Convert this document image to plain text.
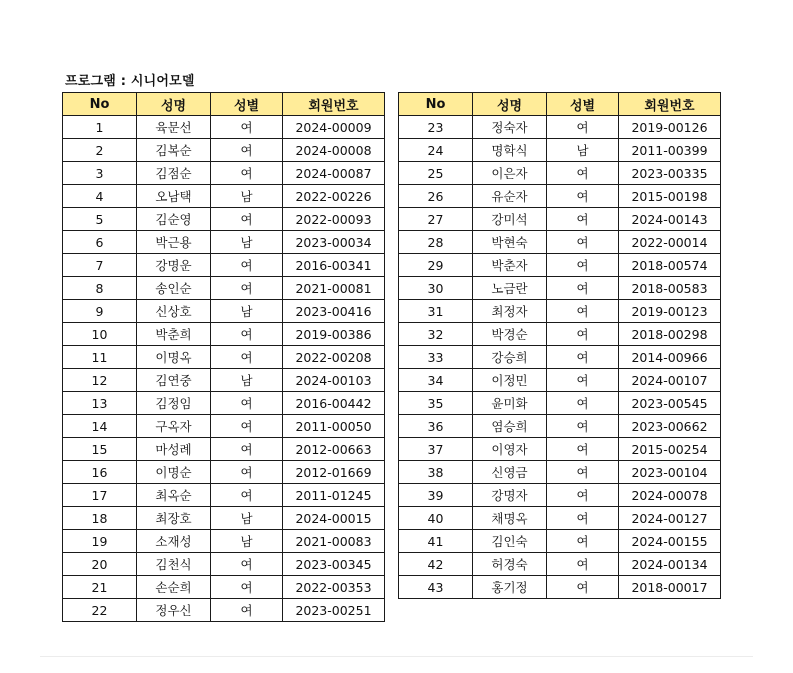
프로그램 : 시니어모델
No	성명	성별	회원번호
1	육문선	여	2024-00009
2	김복순	여	2024-00008
3	김점순	여	2024-00087
4	오남택	남	2022-00226
5	김순영	여	2022-00093
6	박근용	남	2023-00034
7	강명운	여	2016-00341
8	송인순	여	2021-00081
9	신상호	남	2023-00416
10	박춘희	여	2019-00386
11	이명옥	여	2022-00208
12	김연중	남	2024-00103
13	김정임	여	2016-00442
14	구옥자	여	2011-00050
15	마성례	여	2012-00663
16	이명순	여	2012-01669
17	최옥순	여	2011-01245
18	최장호	남	2024-00015
19	소재성	남	2021-00083
20	김천식	여	2023-00345
21	손순희	여	2022-00353
22	정우신	여	2023-00251
No	성명	성별	회원번호
23	정숙자	여	2019-00126
24	명학식	남	2011-00399
25	이은자	여	2023-00335
26	유순자	여	2015-00198
27	강미석	여	2024-00143
28	박현숙	여	2022-00014
29	박춘자	여	2018-00574
30	노금란	여	2018-00583
31	최정자	여	2019-00123
32	박경순	여	2018-00298
33	강승희	여	2014-00966
34	이정민	여	2024-00107
35	윤미화	여	2023-00545
36	염승희	여	2023-00662
37	이영자	여	2015-00254
38	신영금	여	2023-00104
39	강명자	여	2024-00078
40	채명옥	여	2024-00127
41	김인숙	여	2024-00155
42	허경숙	여	2024-00134
43	홍기정	여	2018-00017
